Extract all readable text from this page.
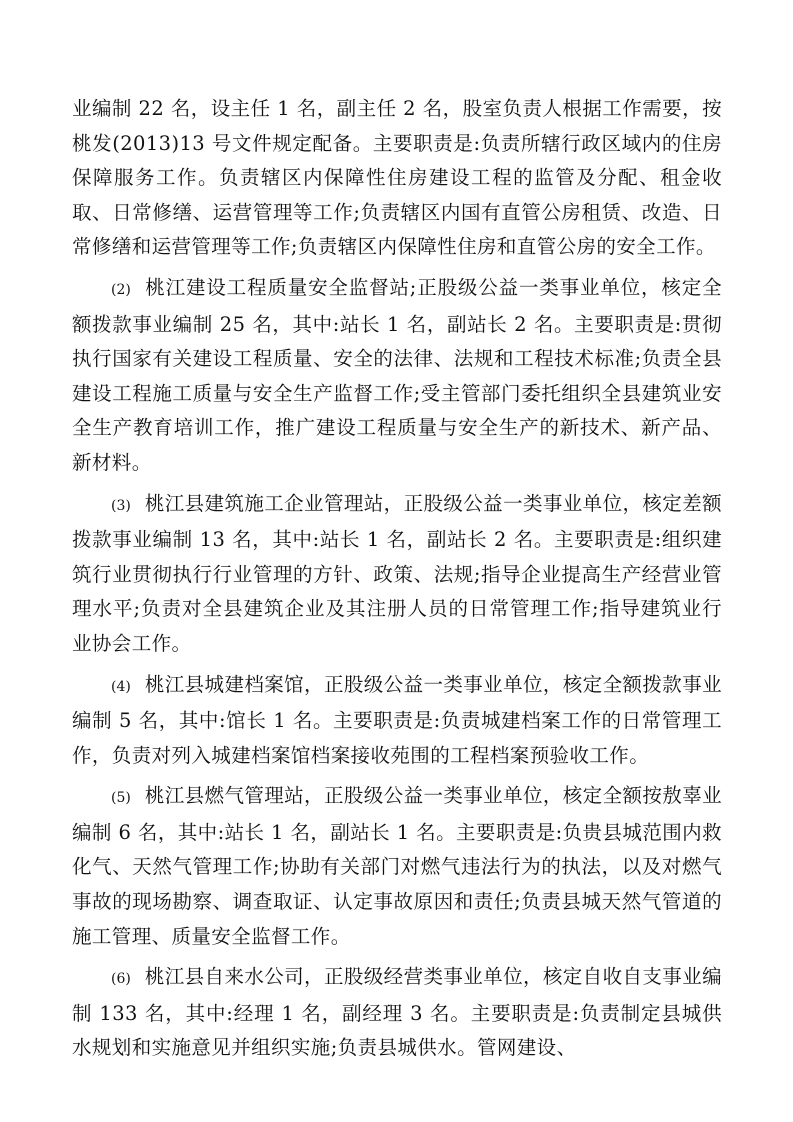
业编制 22 名，设主任 1 名，副主任 2 名，股室负责人根据工作需要，按桃发(2013)13 号文件规定配备。主要职责是:负责所辖行政区域内的住房保障服务工作。负责辖区内保障性住房建设工程的监管及分配、租金收取、日常修缮、运营管理等工作;负责辖区内国有直管公房租赁、改造、日常修缮和运营管理等工作;负责辖区内保障性住房和直管公房的安全工作。

(2) 桃江建设工程质量安全监督站;正股级公益一类事业单位，核定全额拨款事业编制 25 名，其中:站长 1 名，副站长 2 名。主要职责是:贯彻执行国家有关建设工程质量、安全的法律、法规和工程技术标准;负责全县建设工程施工质量与安全生产监督工作;受主管部门委托组织全县建筑业安全生产教育培训工作，推广建设工程质量与安全生产的新技术、新产品、新材料。

(3) 桃江县建筑施工企业管理站，正股级公益一类事业单位，核定差额拨款事业编制 13 名，其中:站长 1 名，副站长 2 名。主要职责是:组织建筑行业贯彻执行行业管理的方针、政策、法规;指导企业提高生产经营业管理水平;负责对全县建筑企业及其注册人员的日常管理工作;指导建筑业行业协会工作。

(4) 桃江县城建档案馆，正股级公益一类事业单位，核定全额拨款事业编制 5 名，其中:馆长 1 名。主要职责是:负责城建档案工作的日常管理工作，负责对列入城建档案馆档案接收苑围的工程档案预验收工作。

(5) 桃江县燃气管理站，正股级公益一类事业单位，核定全额按敖辜业编制 6 名，其中:站长 1 名，副站长 1 名。主要职责是:负贵县城范围内救化气、天然气管理工作;协助有关部门对燃气违法行为的执法，以及对燃气事故的现场勘察、调查取证、认定事故原因和责任;负责县城天然气管道的施工管理、质量安全监督工作。

(6) 桃江县自来水公司，正股级经营类事业单位，核定自收自支事业编制 133 名，其中:经理 1 名，副经理 3 名。主要职责是:负责制定县城供水规划和实施意见并组织实施;负责县城供水。管网建设、
